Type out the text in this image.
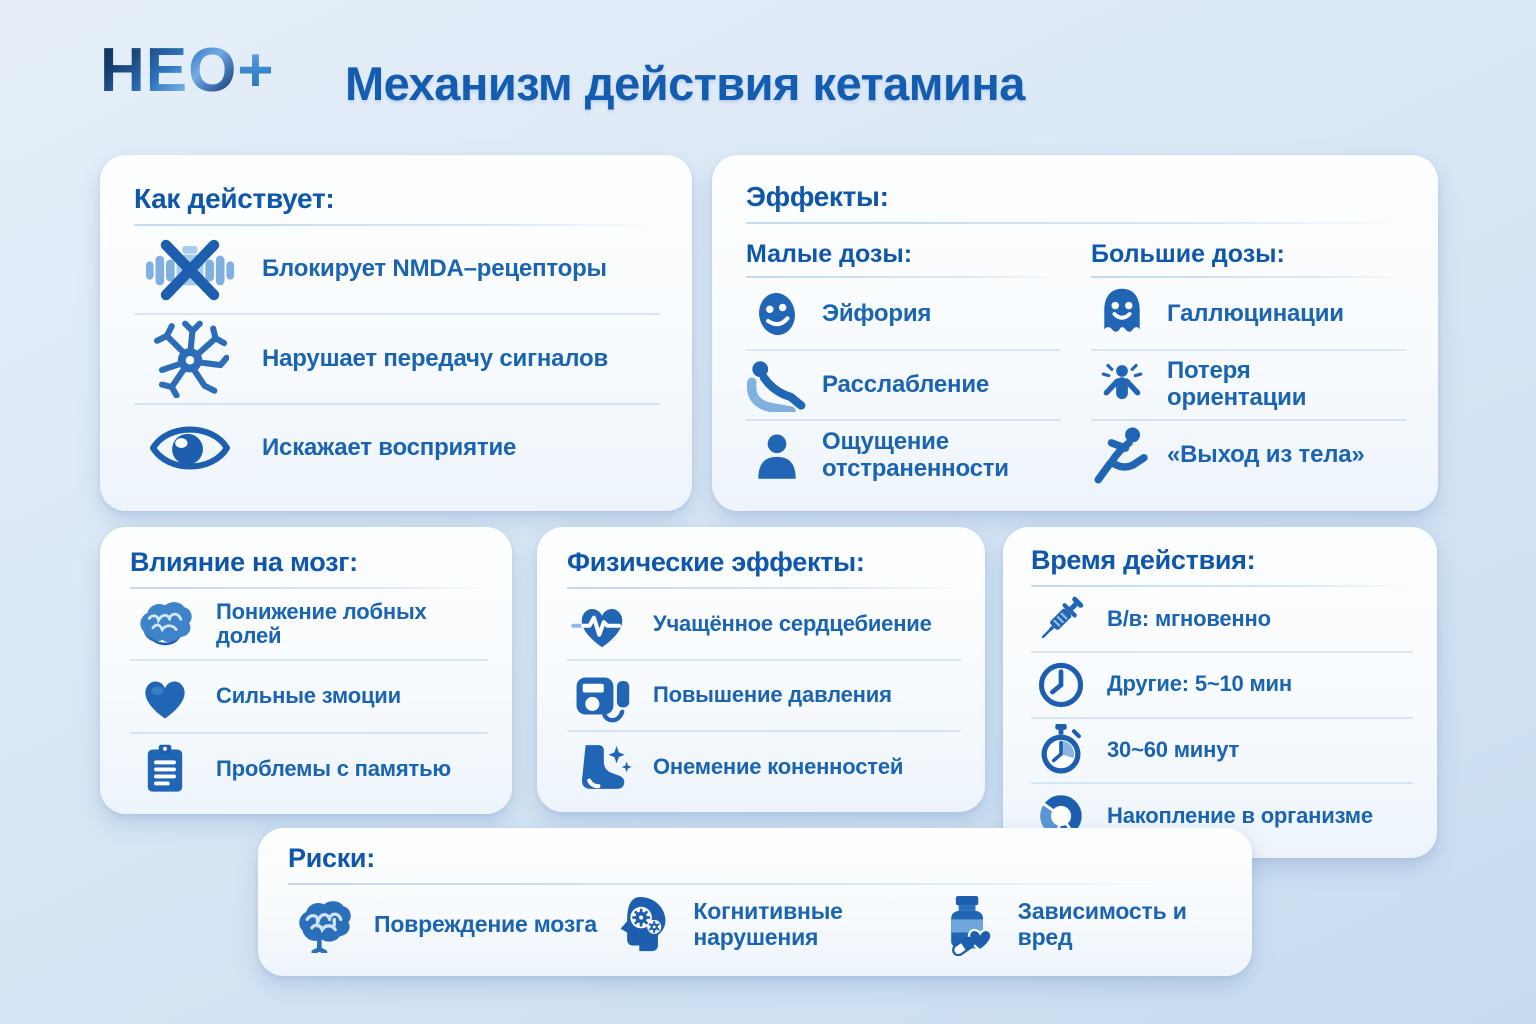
НЕО+ Механизм действия кетамина
Как действует:
Блокирует NMDA–рецепторы
Нарушает передачу сигналов
Искажает восприятие
Эффекты:
Малые дозы:
Эйфория
Расслабление
Ощущение отстраненности
Большие дозы:
Галлюцинации
Потеря ориентации
«Выход из тела»
Влияние на мозг:
Понижение лобных долей
Сильные змоции
Проблемы с памятью
Физические эффекты:
Учащённое сердцебиение
Повышение давления
Онемение коненностей
Время действия:
В/в: мгновенно
Другие: 5~10 мин
30~60 минут
Накопление в организме
Риски:
Повреждение мозга	Когнитивные нарушения
Зависимость и вред
